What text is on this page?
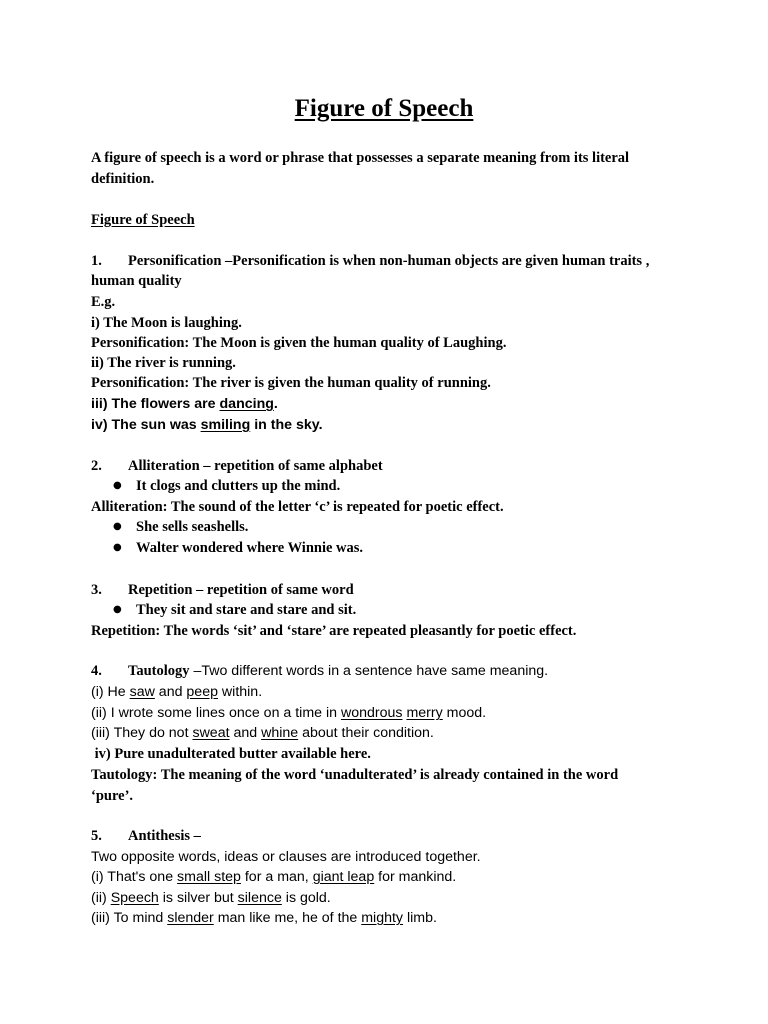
Figure of Speech
A figure of speech is a word or phrase that possesses a separate meaning from its literal
definition.
Figure of Speech
1. Personification –Personification is when non-human objects are given human traits ,
human quality
E.g.
i) The Moon is laughing.
Personification: The Moon is given the human quality of Laughing.
ii) The river is running.
Personification: The river is given the human quality of running.
iii) The flowers are dancing.
iv) The sun was smiling in the sky.
2. Alliteration – repetition of same alphabet
● It clogs and clutters up the mind.
Alliteration: The sound of the letter ‘c’ is repeated for poetic effect.
● She sells seashells.
● Walter wondered where Winnie was.
3. Repetition – repetition of same word
● They sit and stare and stare and sit.
Repetition: The words ‘sit’ and ‘stare’ are repeated pleasantly for poetic effect.
4. Tautology –Two different words in a sentence have same meaning.
(i) He saw and peep within.
(ii) I wrote some lines once on a time in wondrous merry mood.
(iii) They do not sweat and whine about their condition.
iv) Pure unadulterated butter available here.
Tautology: The meaning of the word ‘unadulterated’ is already contained in the word
‘pure’.
5. Antithesis –
Two opposite words, ideas or clauses are introduced together.
(i) That's one small step for a man, giant leap for mankind.
(ii) Speech is silver but silence is gold.
(iii) To mind slender man like me, he of the mighty limb.
